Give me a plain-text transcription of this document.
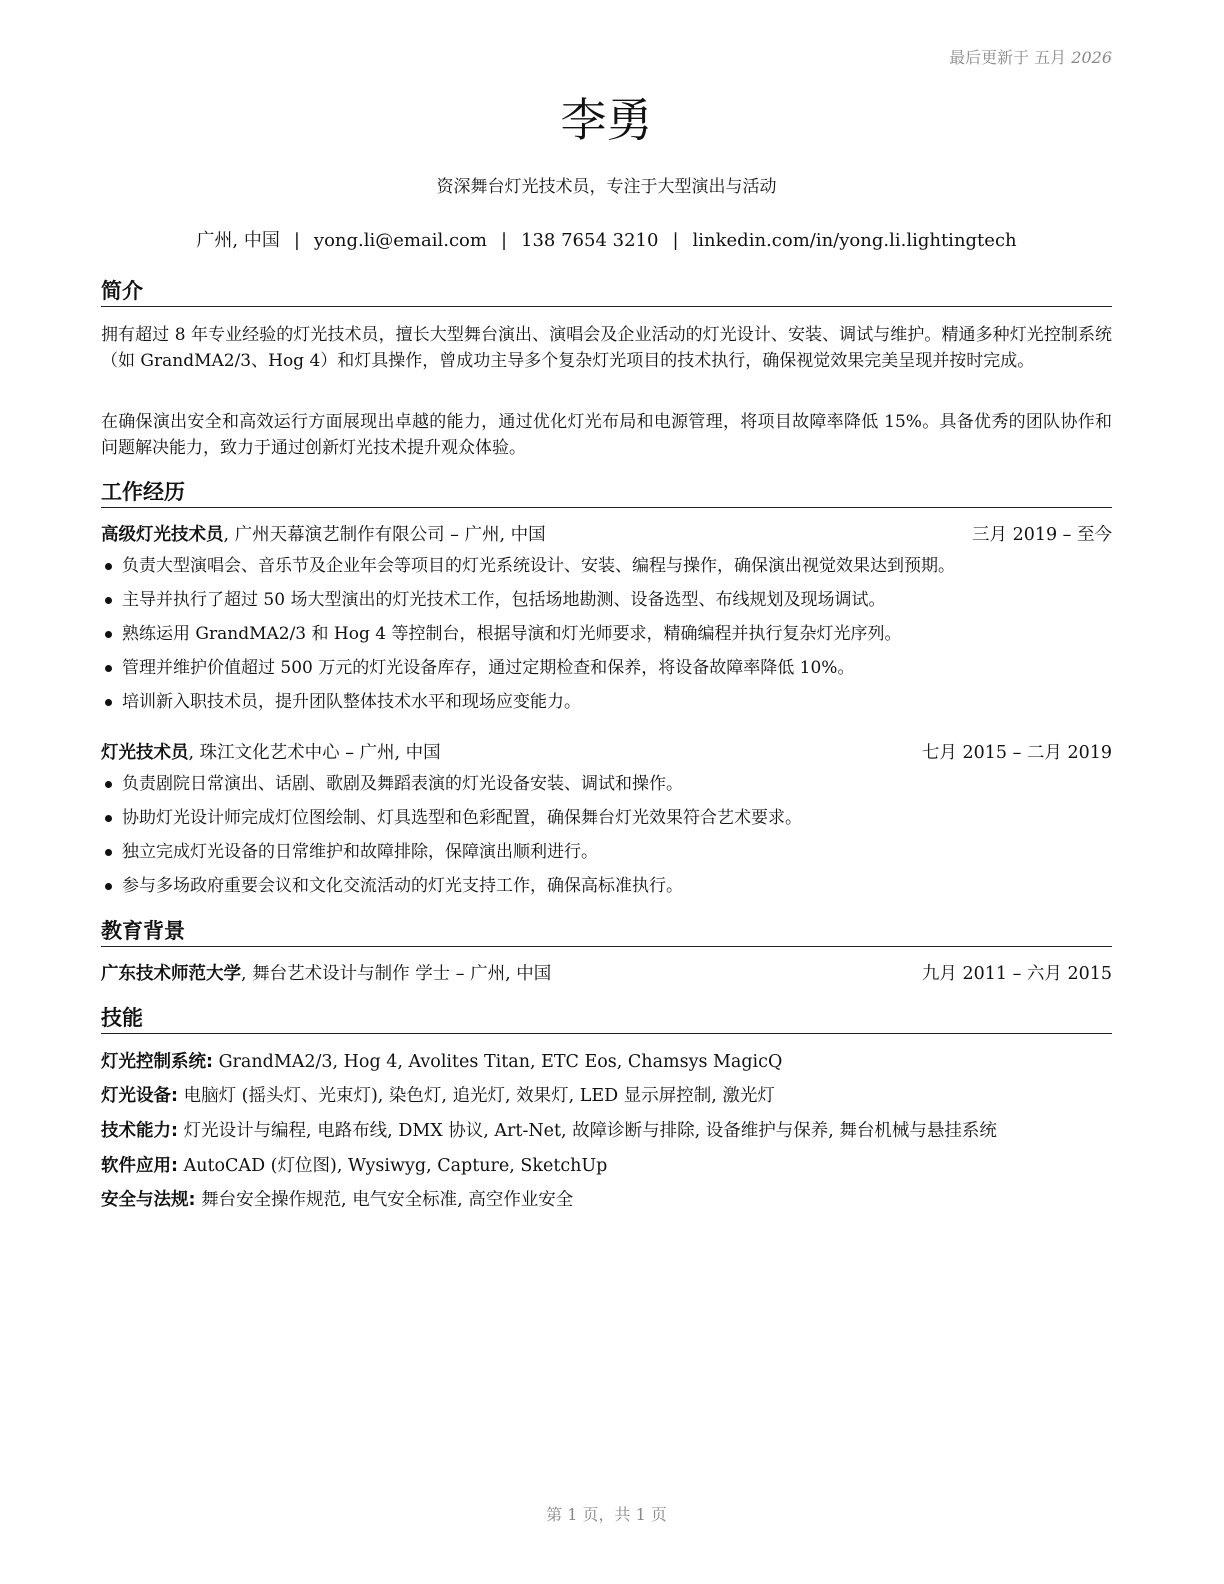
最后更新于 五月 2026
李勇
资深舞台灯光技术员，专注于大型演出与活动
广州, 中国 | yong.li@email.com | 138 7654 3210 | linkedin.com/in/yong.li.lightingtech
简介
拥有超过 8 年专业经验的灯光技术员，擅长大型舞台演出、演唱会及企业活动的灯光设计、安装、调试与维护。精通多种灯光控制系统（如 GrandMA2/3、Hog 4）和灯具操作，曾成功主导多个复杂灯光项目的技术执行，确保视觉效果完美呈现并按时完成。
在确保演出安全和高效运行方面展现出卓越的能力，通过优化灯光布局和电源管理，将项目故障率降低 15%。具备优秀的团队协作和问题解决能力，致力于通过创新灯光技术提升观众体验。
工作经历
高级灯光技术员, 广州天幕演艺制作有限公司 – 广州, 中国	三月 2019 – 至今
负责大型演唱会、音乐节及企业年会等项目的灯光系统设计、安装、编程与操作，确保演出视觉效果达到预期。
主导并执行了超过 50 场大型演出的灯光技术工作，包括场地勘测、设备选型、布线规划及现场调试。
熟练运用 GrandMA2/3 和 Hog 4 等控制台，根据导演和灯光师要求，精确编程并执行复杂灯光序列。
管理并维护价值超过 500 万元的灯光设备库存，通过定期检查和保养，将设备故障率降低 10%。
培训新入职技术员，提升团队整体技术水平和现场应变能力。
灯光技术员, 珠江文化艺术中心 – 广州, 中国	七月 2015 – 二月 2019
负责剧院日常演出、话剧、歌剧及舞蹈表演的灯光设备安装、调试和操作。
协助灯光设计师完成灯位图绘制、灯具选型和色彩配置，确保舞台灯光效果符合艺术要求。
独立完成灯光设备的日常维护和故障排除，保障演出顺利进行。
参与多场政府重要会议和文化交流活动的灯光支持工作，确保高标准执行。
教育背景
广东技术师范大学, 舞台艺术设计与制作 学士 – 广州, 中国	九月 2011 – 六月 2015
技能
灯光控制系统: GrandMA2/3, Hog 4, Avolites Titan, ETC Eos, Chamsys MagicQ
灯光设备: 电脑灯 (摇头灯、光束灯), 染色灯, 追光灯, 效果灯, LED 显示屏控制, 激光灯
技术能力: 灯光设计与编程, 电路布线, DMX 协议, Art-Net, 故障诊断与排除, 设备维护与保养, 舞台机械与悬挂系统
软件应用: AutoCAD (灯位图), Wysiwyg, Capture, SketchUp
安全与法规: 舞台安全操作规范, 电气安全标准, 高空作业安全
第 1 页，共 1 页
